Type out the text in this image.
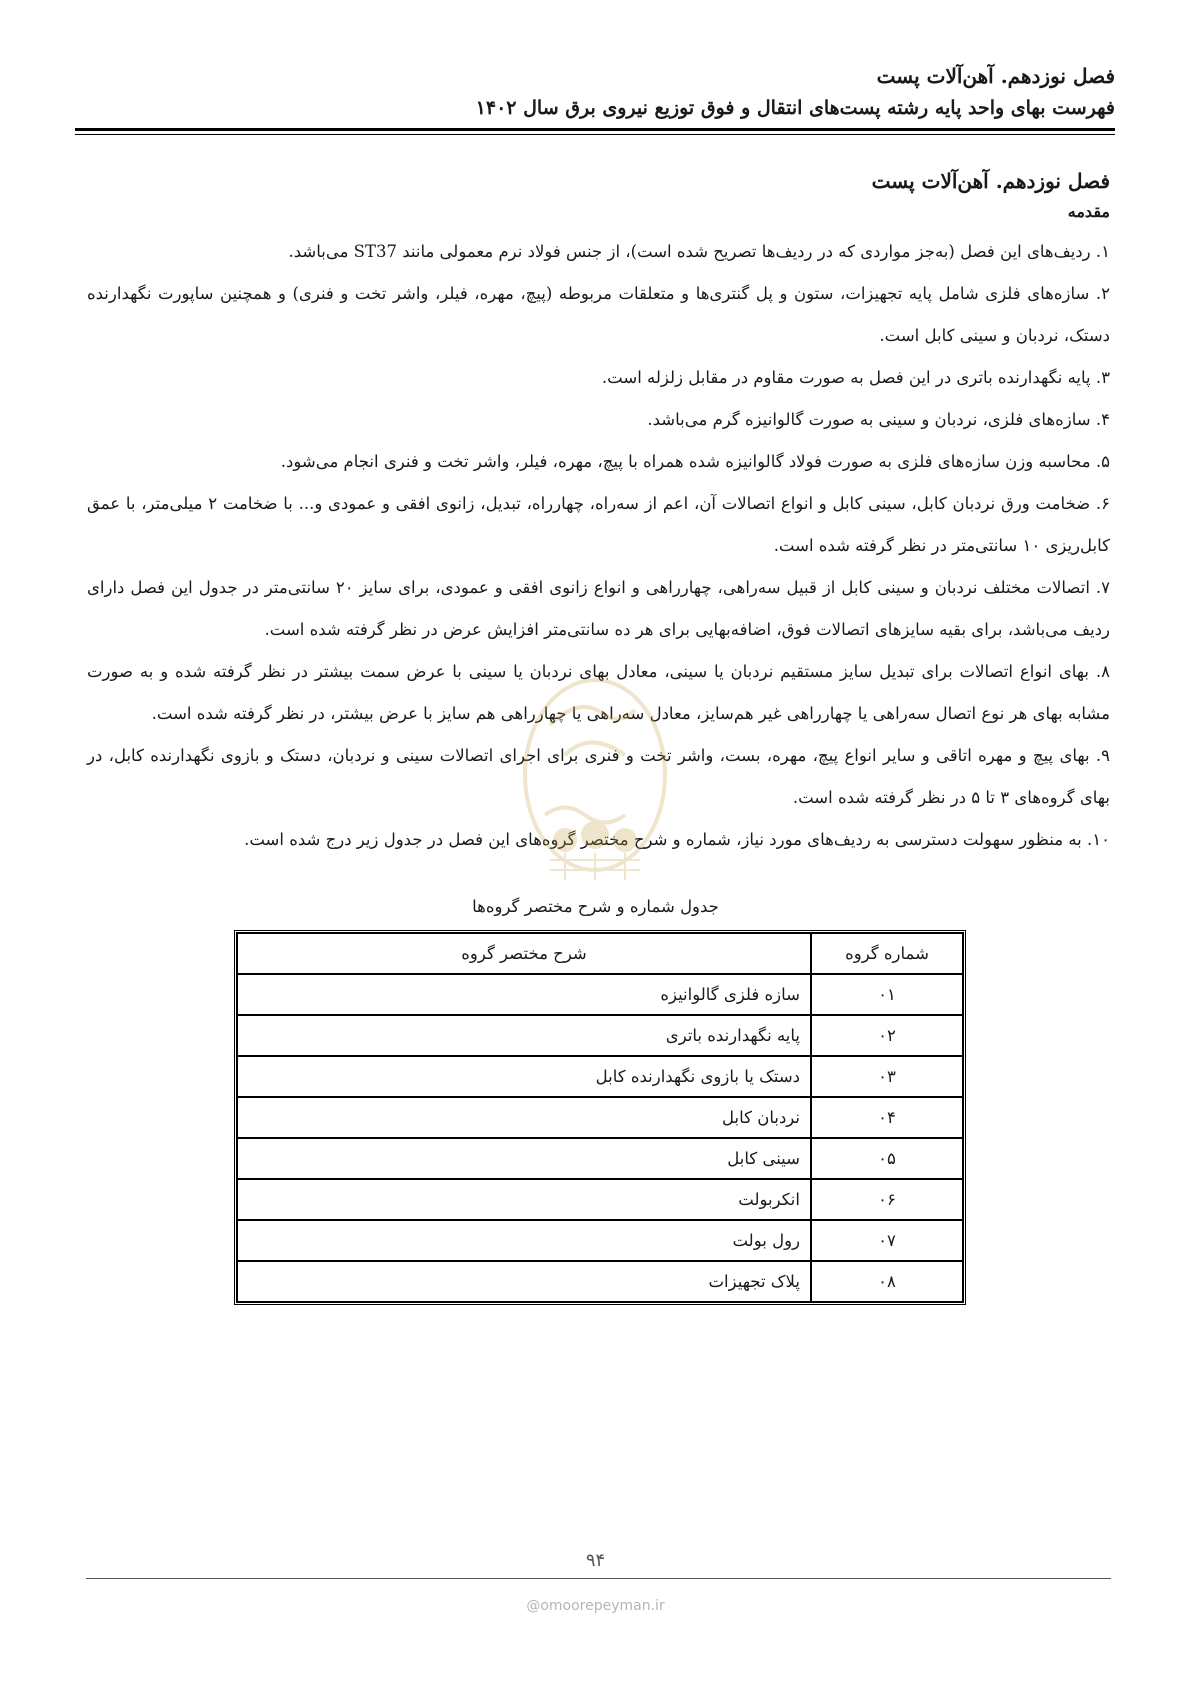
فصل نوزدهم. آهن‌آلات پست
فهرست بهای واحد پایه رشته پست‌های انتقال و فوق توزیع نیروی برق سال ۱۴۰۲
فصل نوزدهم. آهن‌آلات پست
مقدمه

۱. ردیف‌های این فصل (به‌جز مواردی که در ردیف‌ها تصریح شده است)، از جنس فولاد نرم معمولی مانند ST37 می‌باشد.

۲. سازه‌های فلزی شامل پایه تجهیزات، ستون و پل گنتری‌ها و متعلقات مربوطه (پیچ، مهره، فیلر، واشر تخت و فنری) و همچنین ساپورت نگهدارنده دستک، نردبان و سینی کابل است.

۳. پایه نگهدارنده باتری در این فصل به صورت مقاوم در مقابل زلزله است.

۴. سازه‌های فلزی، نردبان و سینی به صورت گالوانیزه گرم می‌باشد.

۵. محاسبه وزن سازه‌های فلزی به صورت فولاد گالوانیزه شده همراه با پیچ، مهره، فیلر، واشر تخت و فنری انجام می‌شود.

۶. ضخامت ورق نردبان کابل، سینی کابل و انواع اتصالات آن، اعم از سه‌راه، چهارراه، تبدیل، زانوی افقی و عمودی و... با ضخامت ۲ میلی‌متر، با عمق کابل‌ریزی ۱۰ سانتی‌متر در نظر گرفته شده است.

۷. اتصالات مختلف نردبان و سینی کابل از قبیل سه‌راهی، چهارراهی و انواع زانوی افقی و عمودی، برای سایز ۲۰ سانتی‌متر در جدول این فصل دارای ردیف می‌باشد، برای بقیه سایزهای اتصالات فوق، اضافه‌بهایی برای هر ده سانتی‌متر افزایش عرض در نظر گرفته شده است.

۸. بهای انواع اتصالات برای تبدیل سایز مستقیم نردبان یا سینی، معادل بهای نردبان یا سینی با عرض سمت بیشتر در نظر گرفته شده و به صورت مشابه بهای هر نوع اتصال سه‌راهی یا چهارراهی غیر هم‌سایز، معادل سه‌راهی یا چهارراهی هم سایز با عرض بیشتر، در نظر گرفته شده است.

۹. بهای پیچ و مهره اتاقی و سایر انواع پیچ، مهره، بست، واشر تخت و فنری برای اجرای اتصالات سینی و نردبان، دستک و بازوی نگهدارنده کابل، در بهای گروه‌های ۳ تا ۵ در نظر گرفته شده است.

۱۰. به منظور سهولت دسترسی به ردیف‌های مورد نیاز، شماره و شرح مختصر گروه‌های این فصل در جدول زیر درج شده است.

جدول شماره و شرح مختصر گروه‌ها
شماره گروه	شرح مختصر گروه
۰۱	سازه فلزی گالوانیزه
۰۲	پایه نگهدارنده باتری
۰۳	دستک یا بازوی نگهدارنده کابل
۰۴	نردبان کابل
۰۵	سینی کابل
۰۶	انکربولت
۰۷	رول بولت
۰۸	پلاک تجهیزات
۹۴
@omoorepeyman.ir
